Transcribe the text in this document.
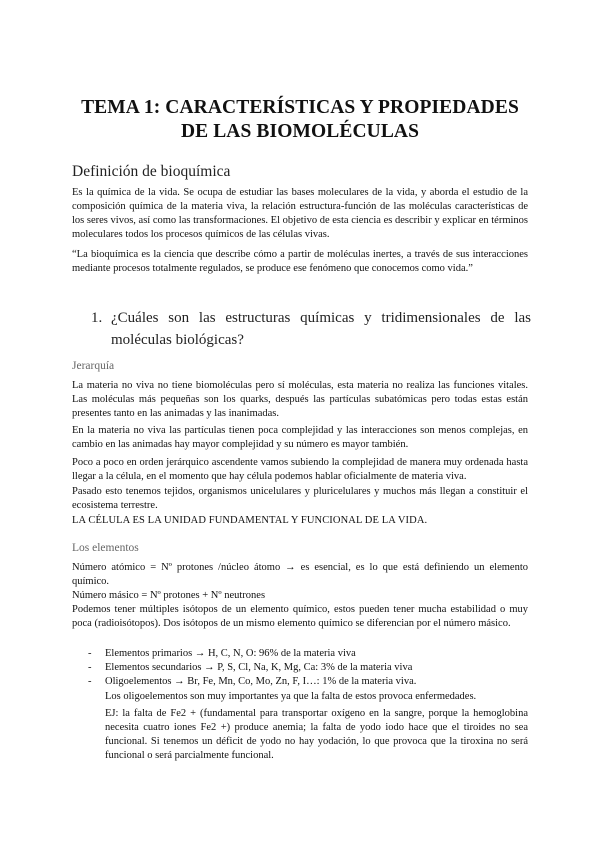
TEMA 1: CARACTERÍSTICAS Y PROPIEDADES
DE LAS BIOMOLÉCULAS
Definición de bioquímica

Es la química de la vida. Se ocupa de estudiar las bases moleculares de la vida, y aborda el estudio de la composición química de la materia viva, la relación estructura-función de las moléculas características de los seres vivos, así como las transformaciones. El objetivo de esta ciencia es describir y explicar en términos moleculares todos los procesos químicos de las células vivas.

“La bioquímica es la ciencia que describe cómo a partir de moléculas inertes, a través de sus interacciones mediante procesos totalmente regulados, se produce ese fenómeno que conocemos como vida.”

1. ¿Cuáles son las estructuras químicas y tridimensionales de las moléculas biológicas?
Jerarquía

La materia no viva no tiene biomoléculas pero sí moléculas, esta materia no realiza las funciones vitales. Las moléculas más pequeñas son los quarks, después las partículas subatómicas pero todas estas están presentes tanto en las animadas y las inanimadas.

En la materia no viva las partículas tienen poca complejidad y las interacciones son menos complejas, en cambio en las animadas hay mayor complejidad y su número es mayor también.

Poco a poco en orden jerárquico ascendente vamos subiendo la complejidad de manera muy ordenada hasta llegar a la célula, en el momento que hay célula podemos hablar oficialmente de materia viva.

Pasado esto tenemos tejidos, organismos unicelulares y pluricelulares y muchos más llegan a constituir el ecosistema terrestre.

LA CÉLULA ES LA UNIDAD FUNDAMENTAL Y FUNCIONAL DE LA VIDA.

Los elementos

Número atómico = Nº protones /núcleo átomo → es esencial, es lo que está definiendo un elemento químico.

Número másico = Nº protones + Nº neutrones

Podemos tener múltiples isótopos de un elemento químico, estos pueden tener mucha estabilidad o muy poca (radioisótopos). Dos isótopos de un mismo elemento químico se diferencian por el número másico.

- Elementos primarios → H, C, N, O: 96% de la materia viva
- Elementos secundarios → P, S, Cl, Na, K, Mg, Ca: 3% de la materia viva
- Oligoelementos → Br, Fe, Mn, Co, Mo, Zn, F, I…: 1% de la materia viva.

Los oligoelementos son muy importantes ya que la falta de estos provoca enfermedades.

EJ: la falta de Fe2 + (fundamental para transportar oxígeno en la sangre, porque la hemoglobina necesita cuatro iones Fe2 +) produce anemia; la falta de yodo iodo hace que el tiroides no sea funcional. Si tenemos un déficit de yodo no hay yodación, lo que provoca que la tiroxina no será funcional o será parcialmente funcional.
